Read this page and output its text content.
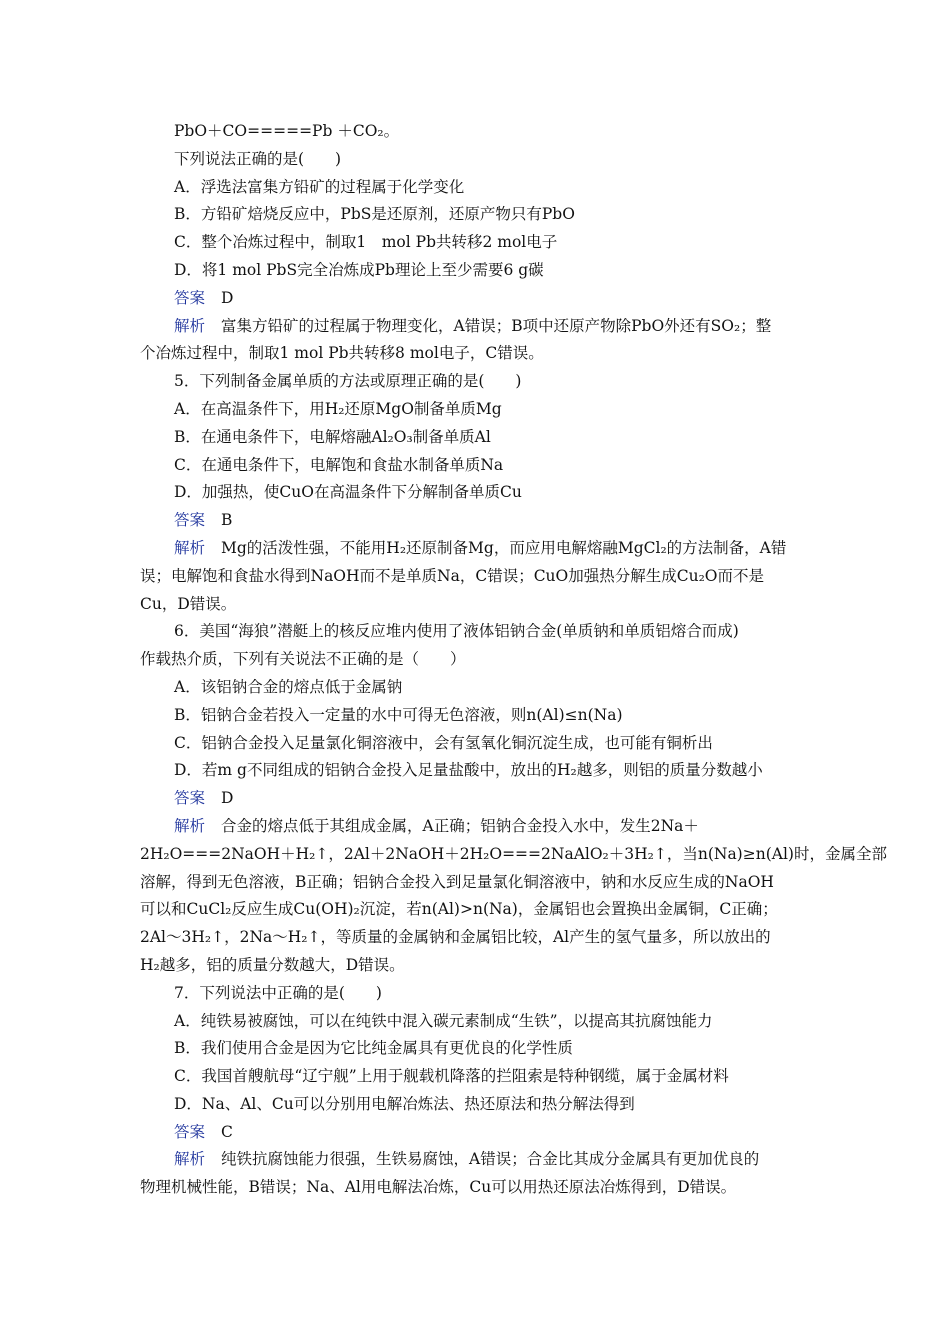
PbO＋CO=====Pb ＋CO₂。
下列说法正确的是(　　)
A．浮选法富集方铅矿的过程属于化学变化
B．方铅矿焙烧反应中，PbS是还原剂，还原产物只有PbO
C．整个冶炼过程中，制取1　mol Pb共转移2 mol电子
D．将1 mol PbS完全冶炼成Pb理论上至少需要6 g碳
答案 D
解析 富集方铅矿的过程属于物理变化，A错误；B项中还原产物除PbO外还有SO₂；整
个冶炼过程中，制取1 mol Pb共转移8 mol电子，C错误。
5．下列制备金属单质的方法或原理正确的是(　　)
A．在高温条件下，用H₂还原MgO制备单质Mg
B．在通电条件下，电解熔融Al₂O₃制备单质Al
C．在通电条件下，电解饱和食盐水制备单质Na
D．加强热，使CuO在高温条件下分解制备单质Cu
答案 B
解析 Mg的活泼性强，不能用H₂还原制备Mg，而应用电解熔融MgCl₂的方法制备，A错
误；电解饱和食盐水得到NaOH而不是单质Na，C错误；CuO加强热分解生成Cu₂O而不是
Cu，D错误。
6．美国“海狼”潜艇上的核反应堆内使用了液体铝钠合金(单质钠和单质铝熔合而成)
作载热介质，下列有关说法不正确的是（　　）
A．该铝钠合金的熔点低于金属钠
B．铝钠合金若投入一定量的水中可得无色溶液，则n(Al)≤n(Na)
C．铝钠合金投入足量氯化铜溶液中，会有氢氧化铜沉淀生成，也可能有铜析出
D．若m g不同组成的铝钠合金投入足量盐酸中，放出的H₂越多，则铝的质量分数越小
答案 D
解析 合金的熔点低于其组成金属，A正确；铝钠合金投入水中，发生2Na＋
2H₂O===2NaOH＋H₂↑，2Al＋2NaOH＋2H₂O===2NaAlO₂＋3H₂↑，当n(Na)≥n(Al)时，金属全部
溶解，得到无色溶液，B正确；铝钠合金投入到足量氯化铜溶液中，钠和水反应生成的NaOH
可以和CuCl₂反应生成Cu(OH)₂沉淀，若n(Al)>n(Na)，金属铝也会置换出金属铜，C正确；
2Al～3H₂↑，2Na～H₂↑，等质量的金属钠和金属铝比较，Al产生的氢气量多，所以放出的
H₂越多，铝的质量分数越大，D错误。
7．下列说法中正确的是(　　)
A．纯铁易被腐蚀，可以在纯铁中混入碳元素制成“生铁”，以提高其抗腐蚀能力
B．我们使用合金是因为它比纯金属具有更优良的化学性质
C．我国首艘航母“辽宁舰”上用于舰载机降落的拦阻索是特种钢缆，属于金属材料
D．Na、Al、Cu可以分别用电解冶炼法、热还原法和热分解法得到
答案 C
解析 纯铁抗腐蚀能力很强，生铁易腐蚀，A错误；合金比其成分金属具有更加优良的
物理机械性能，B错误；Na、Al用电解法冶炼，Cu可以用热还原法冶炼得到，D错误。
